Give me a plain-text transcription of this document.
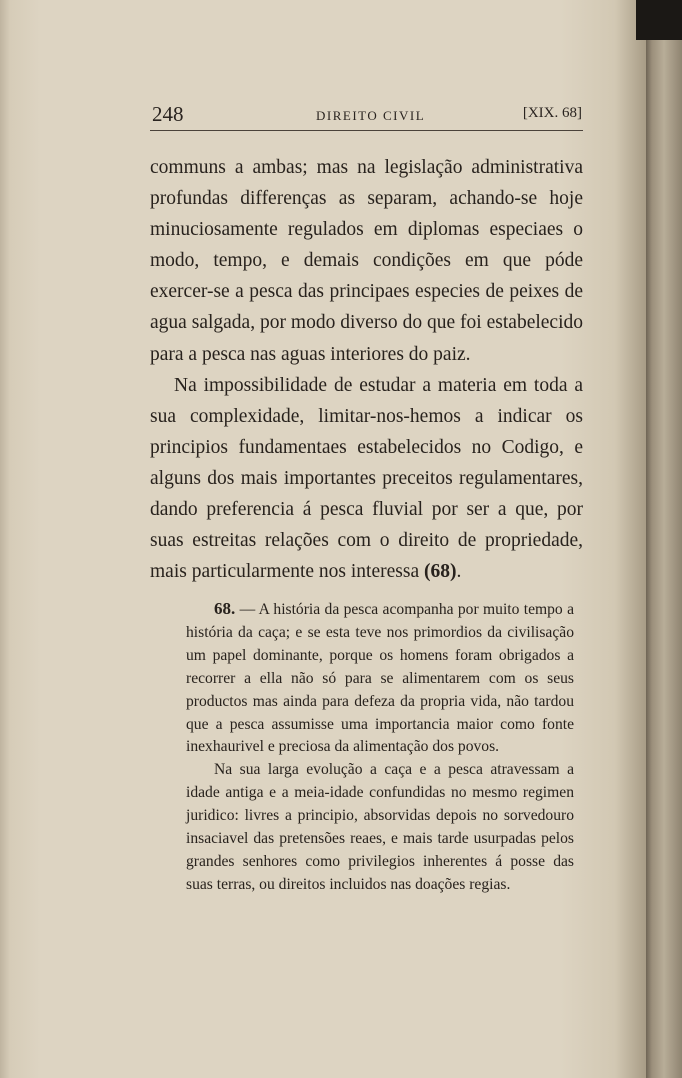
248	DIREITO CIVIL	[XIX. 68]

communs a ambas; mas na legislação administrativa profundas differenças as separam, achando-se hoje minuciosamente regulados em diplomas especiaes o modo, tempo, e demais condições em que póde exercer-se a pesca das principaes especies de peixes de agua salgada, por modo diverso do que foi estabelecido para a pesca nas aguas interiores do paiz.

Na impossibilidade de estudar a materia em toda a sua complexidade, limitar-nos-hemos a indicar os principios fundamentaes estabelecidos no Codigo, e alguns dos mais importantes preceitos regulamentares, dando preferencia á pesca fluvial por ser a que, por suas estreitas relações com o direito de propriedade, mais particularmente nos interessa (68).

68. — A história da pesca acompanha por muito tempo a história da caça; e se esta teve nos primordios da civilisação um papel dominante, porque os homens foram obrigados a recorrer a ella não só para se alimentarem com os seus productos mas ainda para defeza da propria vida, não tardou que a pesca assumisse uma importancia maior como fonte inexhaurivel e preciosa da alimentação dos povos.

Na sua larga evolução a caça e a pesca atravessam a idade antiga e a meia-idade confundidas no mesmo regimen juridico: livres a principio, absorvidas depois no sorvedouro insaciavel das pretensões reaes, e mais tarde usurpadas pelos grandes senhores como privilegios inherentes á posse das suas terras, ou direitos incluidos nas doações regias.
